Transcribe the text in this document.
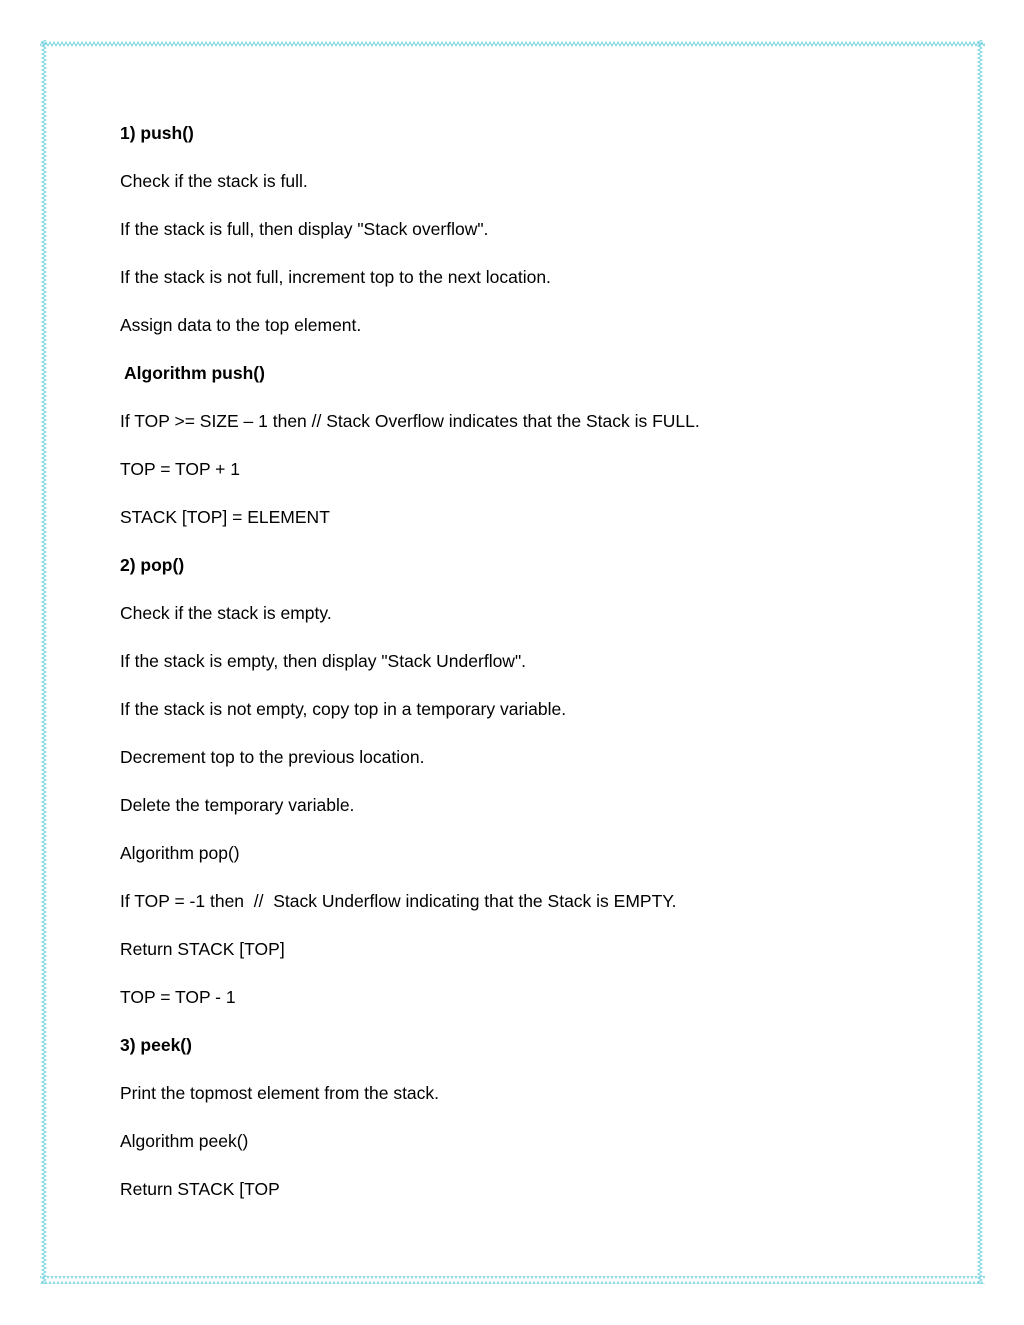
1) push()
Check if the stack is full.
If the stack is full, then display "Stack overflow".
If the stack is not full, increment top to the next location.
Assign data to the top element.
Algorithm push()
If TOP >= SIZE – 1 then // Stack Overflow indicates that the Stack is FULL.
TOP = TOP + 1
STACK [TOP] = ELEMENT
2) pop()
Check if the stack is empty.
If the stack is empty, then display "Stack Underflow".
If the stack is not empty, copy top in a temporary variable.
Decrement top to the previous location.
Delete the temporary variable.
Algorithm pop()
If TOP = -1 then  //  Stack Underflow indicating that the Stack is EMPTY.
Return STACK [TOP]
TOP = TOP - 1
3) peek()
Print the topmost element from the stack.
Algorithm peek()
Return STACK [TOP
